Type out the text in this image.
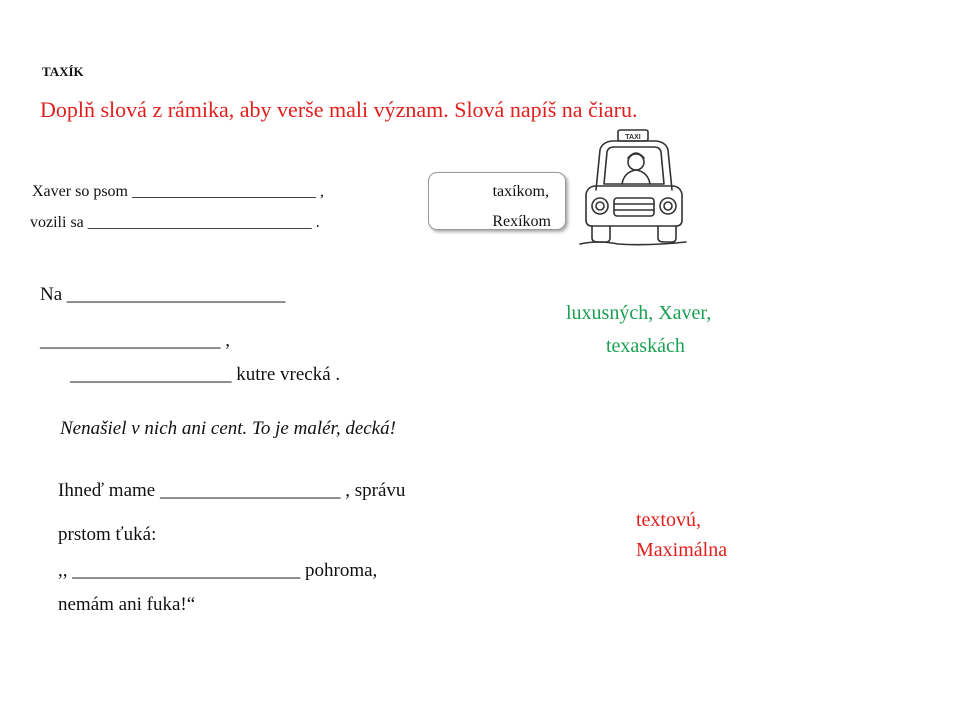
TAXÍK
Doplň slová z rámika, aby verše mali význam. Slová napíš na čiaru.
Xaver so psom _______________________ ,
vozili sa ____________________________ .
taxíkom,
Rexíkom
TAXI
Na _______________________
___________________ ,
_________________ kutre vrecká .
luxusných, Xaver,
texaskách
Nenašiel v nich ani cent. To je malér, decká!
Ihneď mame ___________________ , správu
prstom ťuká:
,, ________________________ pohroma,
nemám ani fuka!“
textovú,
Maximálna
